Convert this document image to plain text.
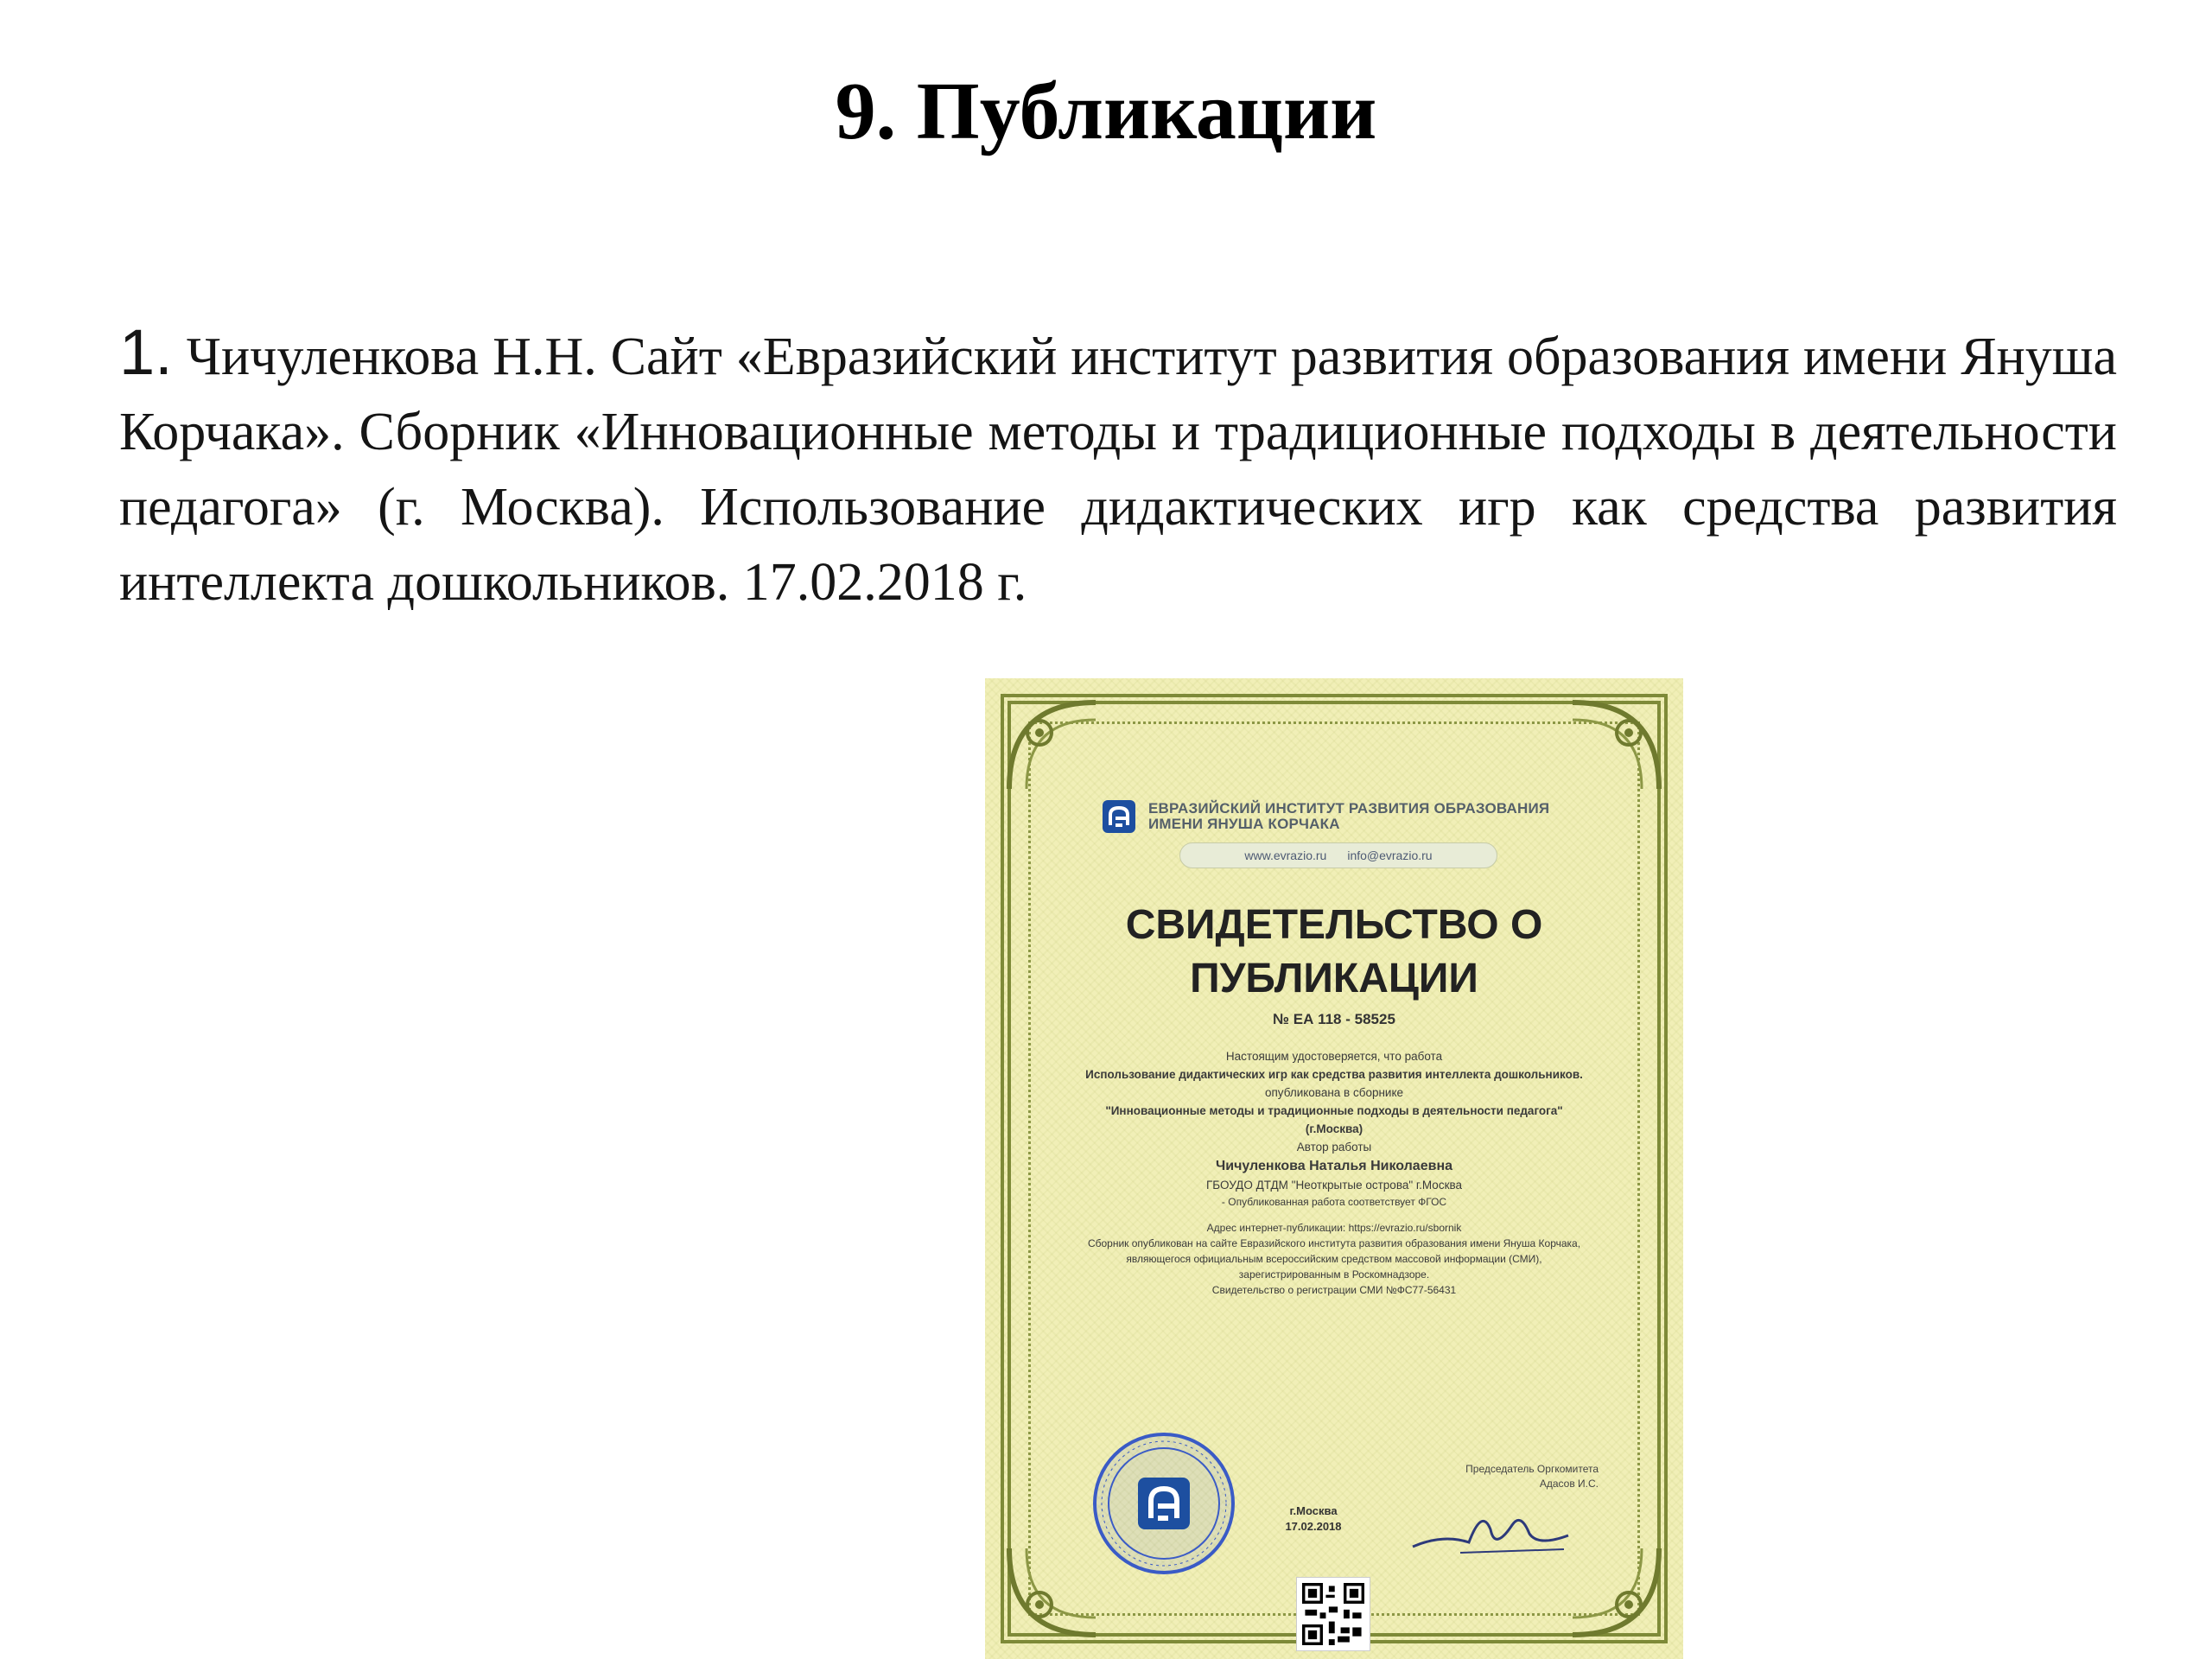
9. Публикации

1. Чичуленкова Н.Н. Сайт «Евразийский институт развития образования имени Януша Корчака». Сборник «Инновационные методы и традиционные подходы в деятельности педагога» (г. Москва). Использование дидактических игр как средства развития интеллекта дошкольников. 17.02.2018 г.

ЕВРАЗИЙСКИЙ ИНСТИТУТ РАЗВИТИЯ ОБРАЗОВАНИЯ
ИМЕНИ ЯНУША КОРЧАКА
www.evrazio.ru info@evrazio.ru
СВИДЕТЕЛЬСТВО О
ПУБЛИКАЦИИ
№ ЕА 118 - 58525
Настоящим удостоверяется, что работа
Использование дидактических игр как средства развития интеллекта дошкольников.
опубликована в сборнике
"Инновационные методы и традиционные подходы в деятельности педагога" (г.Москва)
Автор работы
Чичуленкова Наталья Николаевна
ГБОУДО ДТДМ "Неоткрытые острова" г.Москва
- Опубликованная работа соответствует ФГОС
Адрес интернет-публикации: https://evrazio.ru/sbornik
Сборник опубликован на сайте Евразийского института развития образования имени Януша Корчака, являющегося официальным всероссийским средством массовой информации (СМИ), зарегистрированным в Роскомнадзоре.
Свидетельство о регистрации СМИ №ФС77-56431
г.Москва
17.02.2018
Председатель Оргкомитета
Адасов И.С.
